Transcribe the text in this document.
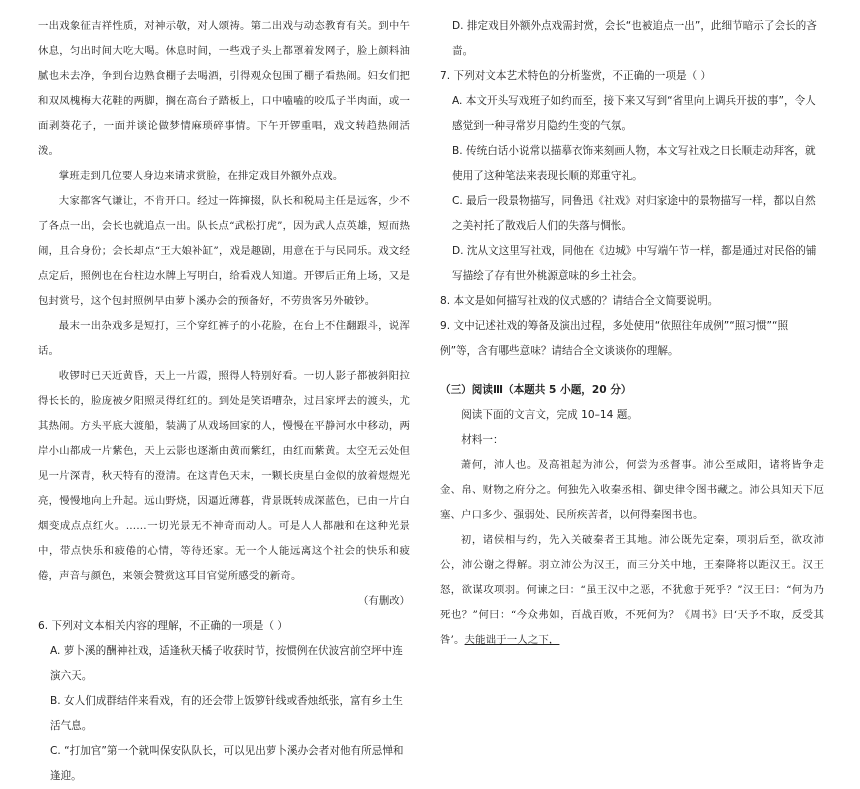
一出戏象征吉祥性质，对神示敬，对人颂祷。第二出戏与动态教育有关。到中午休息，匀出时间大吃大喝。休息时间，一些戏子头上都罩着发网子，脸上颜料油腻也未去净，争到台边熟食棚子去喝酒，引得观众包围了棚子看热闹。妇女们把和双凤槐梅大花鞋的两脚，搁在高台子踏板上，口中嗑嗑的咬瓜子半肉面，或一面剥葵花子，一面并谈论做梦情麻琐碎事情。下午开锣重唱，戏文转趋热闹活泼。

掌班走到几位要人身边来请求赏脸，在排定戏目外额外点戏。

大家都客气谦让，不肯开口。经过一阵撺掇，队长和税局主任是远客，少不了各点一出，会长也就追点一出。队长点“武松打虎”，因为武人点英雄，短而热闹，且合身份；会长却点“王大娘补缸”，戏是趣剧，用意在于与民同乐。戏文经点定后，照例也在台柱边水牌上写明白，给看戏人知道。开锣后正角上场，又是包封赏号，这个包封照例早由萝卜溪办会的预备好，不劳贵客另外破钞。

最末一出杂戏多是短打，三个穿红裤子的小花脸，在台上不住翻跟斗，说浑话。

收锣时已天近黄昏，天上一片霞，照得人特别好看。一切人影子都被斜阳拉得长长的，脸庞被夕阳照灵得红红的。到处是笑语嘈杂，过吕家坪去的渡头，尤其热闹。方头平底大渡船，装满了从戏场回家的人，慢慢在平静河水中移动，两岸小山都成一片紫色，天上云影也逐渐由黄而紫红，由红而紫黄。太空无云处但见一片深青，秋天特有的澄清。在这青色天末，一颗长庚星白金似的放着煜煜光亮，慢慢地向上升起。远山野烧，因逼近薄暮，背景既转成深蓝色，已由一片白烟变成点点红火。……一切光景无不神奇而动人。可是人人都融和在这种光景中，带点快乐和疲倦的心情，等待还家。无一个人能远离这个社会的快乐和疲倦，声音与颜色，来领会赞赏这耳目官觉所感受的新奇。

（有删改）

6. 下列对文本相关内容的理解，不正确的一项是（ ）

A. 萝卜溪的酬神社戏，适逢秋天橘子收获时节，按惯例在伏波宫前空坪中连演六天。

B. 女人们成群结伴来看戏，有的还会带上饭箩针线或香烛纸张，富有乡土生活气息。

C. “打加官”第一个就叫保安队队长，可以见出萝卜溪办会者对他有所忌惮和逢迎。

D. 排定戏目外额外点戏需封赏，会长“也被追点一出”，此细节暗示了会长的吝啬。

7. 下列对文本艺术特色的分析鉴赏，不正确的一项是（ ）

A. 本文开头写戏班子如约而至，接下来又写到“省里向上调兵开拔的事”，令人感觉到一种寻常岁月隐约生变的气氛。

B. 传统白话小说常以描摹衣饰来刻画人物，本文写社戏之日长顺走动拜客，就使用了这种笔法来表现长顺的郑重守礼。

C. 最后一段景物描写，同鲁迅《社戏》对归家途中的景物描写一样，都以自然之美衬托了散戏后人们的失落与惆怅。

D. 沈从文这里写社戏，同他在《边城》中写端午节一样，都是通过对民俗的铺写描绘了存有世外桃源意味的乡土社会。

8. 本文是如何描写社戏的仪式感的？请结合全文简要说明。

9. 文中记述社戏的筹备及演出过程，多处使用“依照往年成例”“照习惯”“照例”等，含有哪些意味？请结合全文谈谈你的理解。

（三）阅读Ⅲ（本题共 5 小题，20 分）

阅读下面的文言文，完成 10–14 题。

材料一：

萧何，沛人也。及高祖起为沛公，何尝为丞督事。沛公至咸阳，诸将皆争走金、帛、财物之府分之。何独先入收秦丞相、御史律令图书藏之。沛公具知天下厄塞、户口多少、强弱处、民所疾苦者，以何得秦图书也。

初，诸侯相与约，先入关破秦者王其地。沛公既先定秦，项羽后至，欲攻沛公，沛公谢之得解。羽立沛公为汉王，而三分关中地，王秦降将以距汉王。汉王怒，欲谋攻项羽。何谏之曰：“虽王汉中之恶，不犹愈于死乎？”汉王曰：“何为乃死也？”何曰：“今众弗如，百战百败，不死何为？《周书》曰‘天予不取，反受其咎’。夫能诎于一人之下，
